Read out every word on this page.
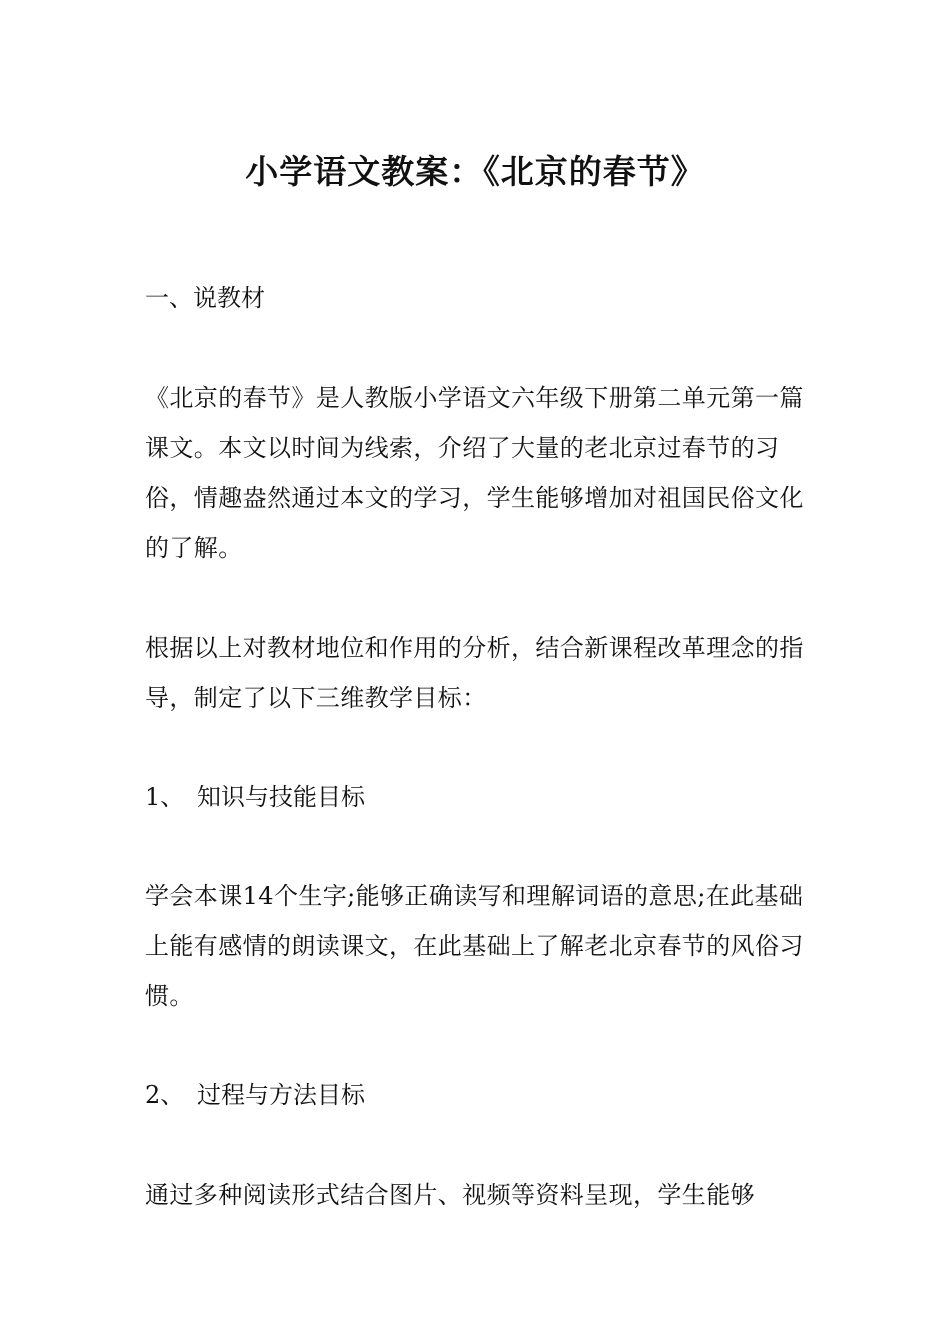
小学语文教案：《北京的春节》

一、说教材

《北京的春节》是人教版小学语文六年级下册第二单元第一篇课文。本文以时间为线索，介绍了大量的老北京过春节的习俗，情趣盎然通过本文的学习，学生能够增加对祖国民俗文化的了解。

根据以上对教材地位和作用的分析，结合新课程改革理念的指导，制定了以下三维教学目标：

1、 知识与技能目标

学会本课14个生字;能够正确读写和理解词语的意思;在此基础上能有感情的朗读课文，在此基础上了解老北京春节的风俗习惯。

2、 过程与方法目标

通过多种阅读形式结合图片、视频等资料呈现，学生能够
